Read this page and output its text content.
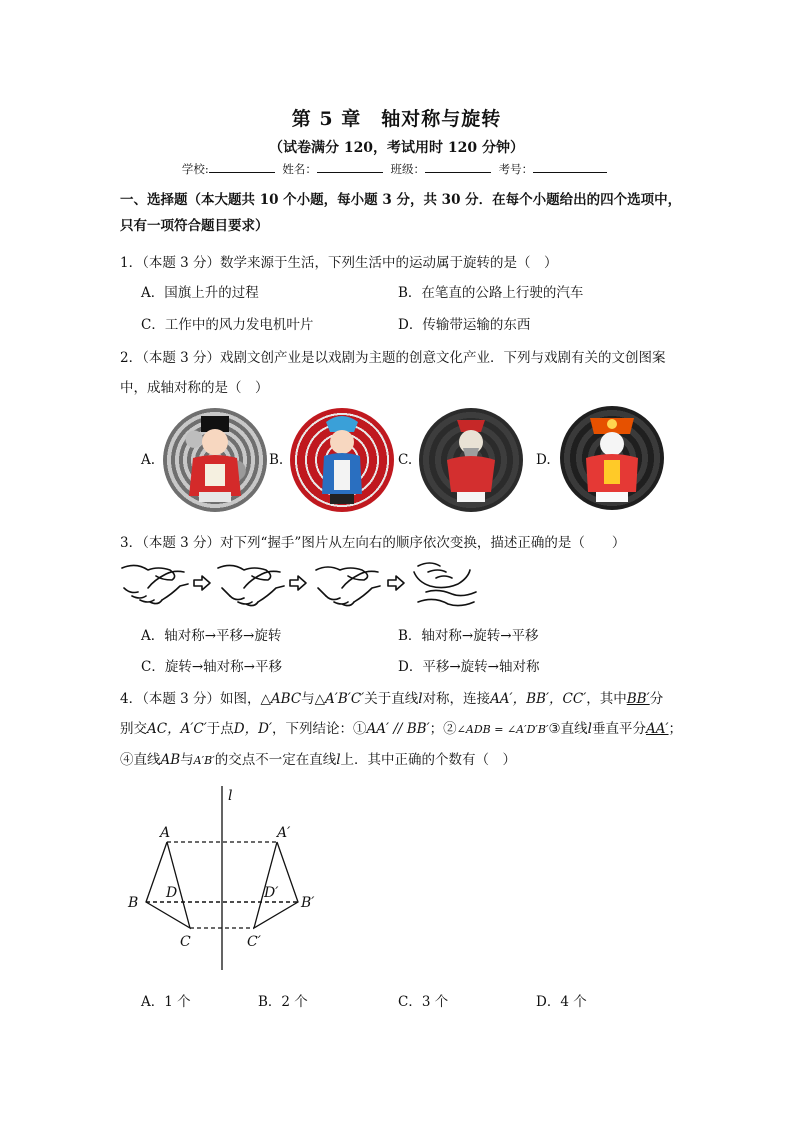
第 5 章　轴对称与旋转
（试卷满分 120，考试用时 120 分钟）
学校:	姓名：	班级：	考号：
一、选择题（本大题共 10 个小题，每小题 3 分，共 30 分．在每个小题给出的四个选项中，
只有一项符合题目要求）
1．（本题 3 分）数学来源于生活，下列生活中的运动属于旋转的是（　）
A．国旗上升的过程	B．在笔直的公路上行驶的汽车
C．工作中的风力发电机叶片	D．传输带运输的东西
2．（本题 3 分）戏剧文创产业是以戏剧为主题的创意文化产业．下列与戏剧有关的文创图案
中，成轴对称的是（　）
A.	B.	C.	D.
3．（本题 3 分）对下列“握手”图片从左向右的顺序依次变换，描述正确的是（　　）
A．轴对称→平移→旋转	B．轴对称→旋转→平移
C．旋转→轴对称→平移	D．平移→旋转→轴对称
4．（本题 3 分）如图，△ABC与△A′B′C′关于直线l对称，连接AA′，BB′，CC′，其中BB′分
别交AC，A′C′于点D，D′，下列结论：①AA′ // BB′；②∠ADB = ∠A′D′B′③直线l垂直平分AA′；
④直线AB与A′B′的交点不一定在直线l上．其中正确的个数有（　）
l
A	A′
B	B′
D	D′
C	C′
A．1 个	B．2 个	C．3 个	D．4 个
